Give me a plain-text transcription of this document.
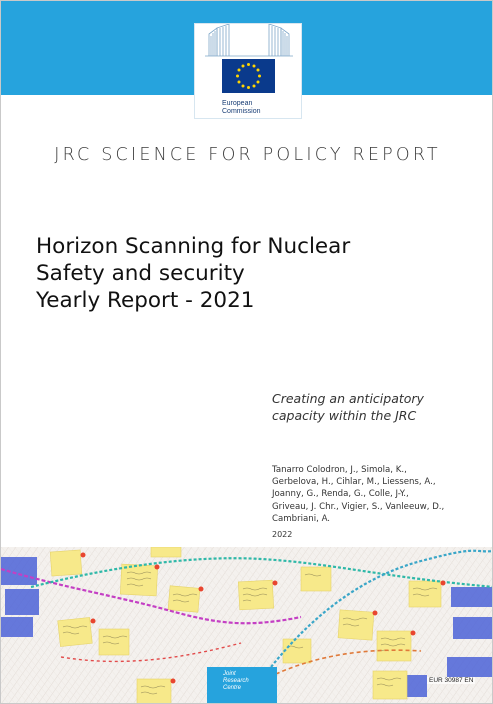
European
Commission
JRC SCIENCE FOR POLICY REPORT
Horizon Scanning for Nuclear
Safety and security
Yearly Report - 2021
Creating an anticipatory
capacity within the JRC
Tanarro Colodron, J., Simola, K., Gerbelova, H., Cihlar, M., Liessens, A., Joanny, G., Renda, G., Colle, J-Y., Griveau, J. Chr., Vigier, S., Vanleeuw, D., Cambriani, A.
2022
Joint
Research
Centre
EUR 30987 EN
